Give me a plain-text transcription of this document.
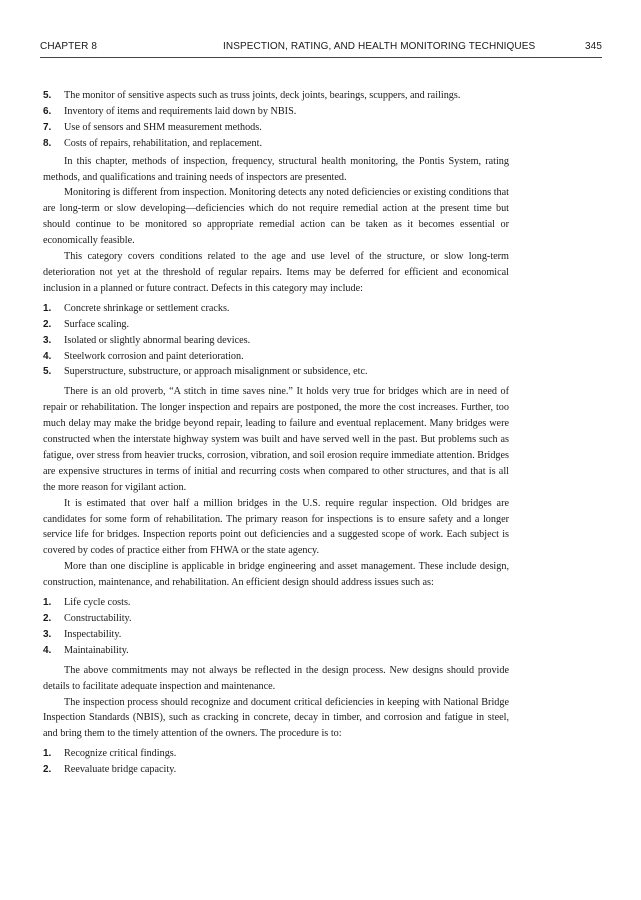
CHAPTER 8	INSPECTION, RATING, AND HEALTH MONITORING TECHNIQUES	345

5. The monitor of sensitive aspects such as truss joints, deck joints, bearings, scuppers, and railings.

6. Inventory of items and requirements laid down by NBIS.

7. Use of sensors and SHM measurement methods.

8. Costs of repairs, rehabilitation, and replacement.

In this chapter, methods of inspection, frequency, structural health monitoring, the Pontis System, rating methods, and qualifications and training needs of inspectors are presented.

Monitoring is different from inspection. Monitoring detects any noted deficiencies or existing conditions that are long-term or slow developing—deficiencies which do not require remedial action at the present time but should continue to be monitored so appropriate remedial action can be taken as it becomes essential or economically feasible.

This category covers conditions related to the age and use level of the structure, or slow long-term deterioration not yet at the threshold of regular repairs. Items may be deferred for efficient and economical inclusion in a planned or future contract. Defects in this category may include:

1. Concrete shrinkage or settlement cracks.

2. Surface scaling.

3. Isolated or slightly abnormal bearing devices.

4. Steelwork corrosion and paint deterioration.

5. Superstructure, substructure, or approach misalignment or subsidence, etc.

There is an old proverb, “A stitch in time saves nine.” It holds very true for bridges which are in need of repair or rehabilitation. The longer inspection and repairs are postponed, the more the cost increases. Further, too much delay may make the bridge beyond repair, leading to failure and eventual replacement. Many bridges were constructed when the interstate highway system was built and have served well in the past. But problems such as fatigue, over stress from heavier trucks, corrosion, vibration, and soil erosion require immediate attention. Bridges are expensive structures in terms of initial and recurring costs when compared to other structures, and that is all the more reason for vigilant action.

It is estimated that over half a million bridges in the U.S. require regular inspection. Old bridges are candidates for some form of rehabilitation. The primary reason for inspections is to ensure safety and a longer service life for bridges. Inspection reports point out deficiencies and a suggested scope of work. Each subject is covered by codes of practice either from FHWA or the state agency.

More than one discipline is applicable in bridge engineering and asset management. These include design, construction, maintenance, and rehabilitation. An efficient design should address issues such as:

1. Life cycle costs.

2. Constructability.

3. Inspectability.

4. Maintainability.

The above commitments may not always be reflected in the design process. New designs should provide details to facilitate adequate inspection and maintenance.

The inspection process should recognize and document critical deficiencies in keeping with National Bridge Inspection Standards (NBIS), such as cracking in concrete, decay in timber, and corrosion and fatigue in steel, and bring them to the timely attention of the owners. The procedure is to:

1. Recognize critical findings.

2. Reevaluate bridge capacity.
